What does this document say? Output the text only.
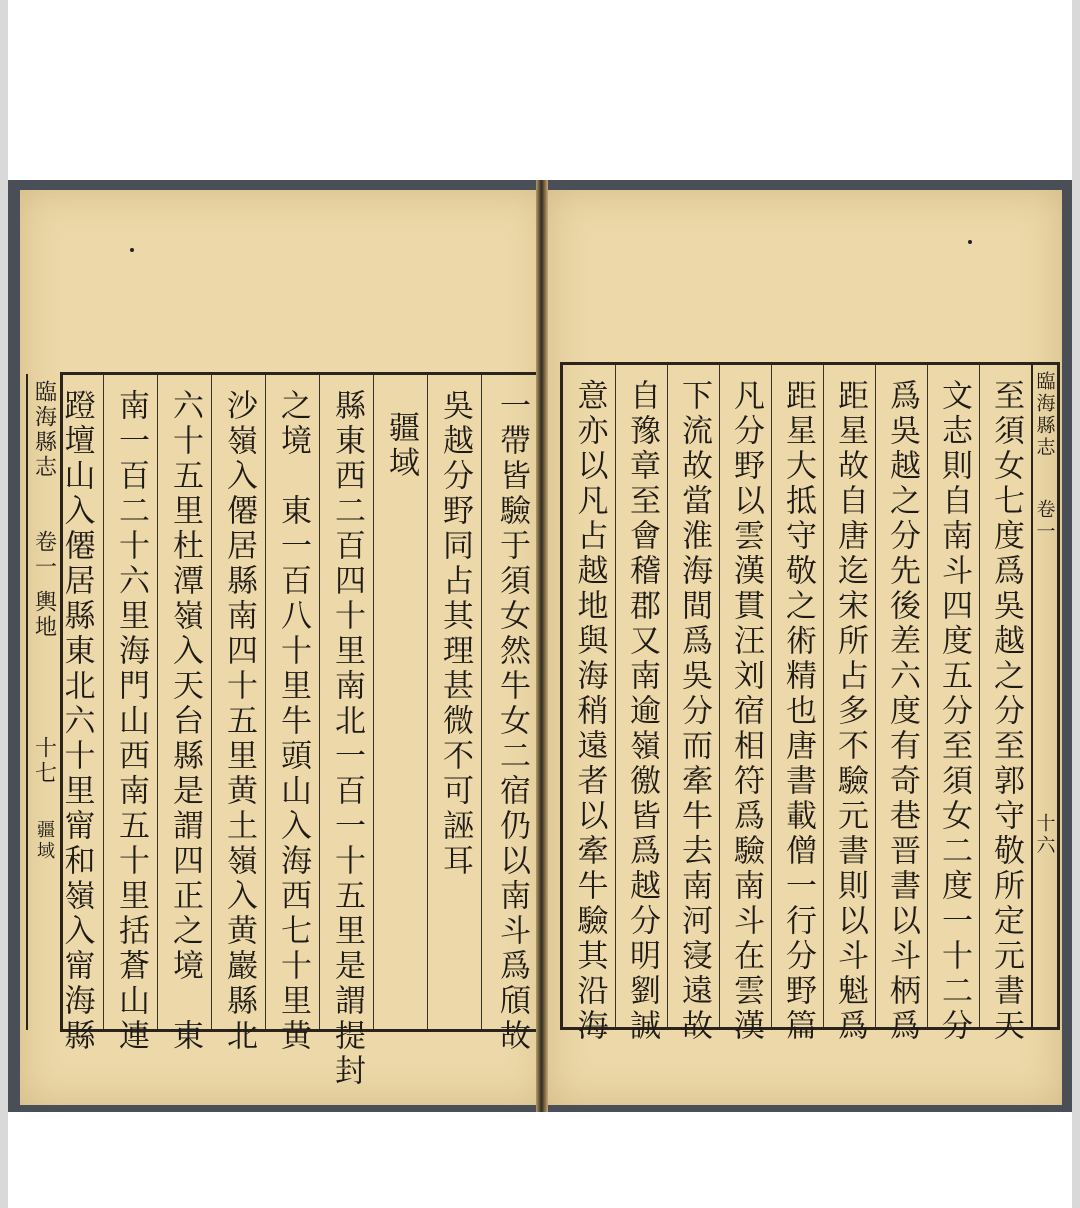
一帶皆驗于須女然牛女二宿仍以南斗爲頎故
吳越分野同占其理甚微不可誣耳
疆域
縣東西二百四十里南北一百一十五里是謂提封
之境　東一百八十里牛頭山入海西七十里黄
沙嶺入僊居縣南四十五里黄土嶺入黄巖縣北
六十五里杜潭嶺入天台縣是謂四正之境　東
南一百二十六里海門山西南五十里括蒼山連
蹬壇山入僊居縣東北六十里甯和嶺入甯海縣
臨海縣志
卷一 輿地
十七
疆域	意亦以凡占越地與海稍遠者以牽牛驗其沿海 自豫章至會稽郡又南逾嶺徼皆爲越分明劉誠 下流故當淮海間爲吳分而牽牛去南河寖遠故 凡分野以雲漢貫汪刘宿相符爲驗南斗在雲漢 距星大抵守敬之術精也唐書載僧一行分野篇 距星故自唐迄宋所占多不驗元書則以斗魁爲 爲吳越之分先後差六度有奇巷晋書以斗柄爲 文志則自南斗四度五分至須女二度一十二分 至須女七度爲吳越之分至郭守敬所定元書天 臨海縣志
卷一
十六
